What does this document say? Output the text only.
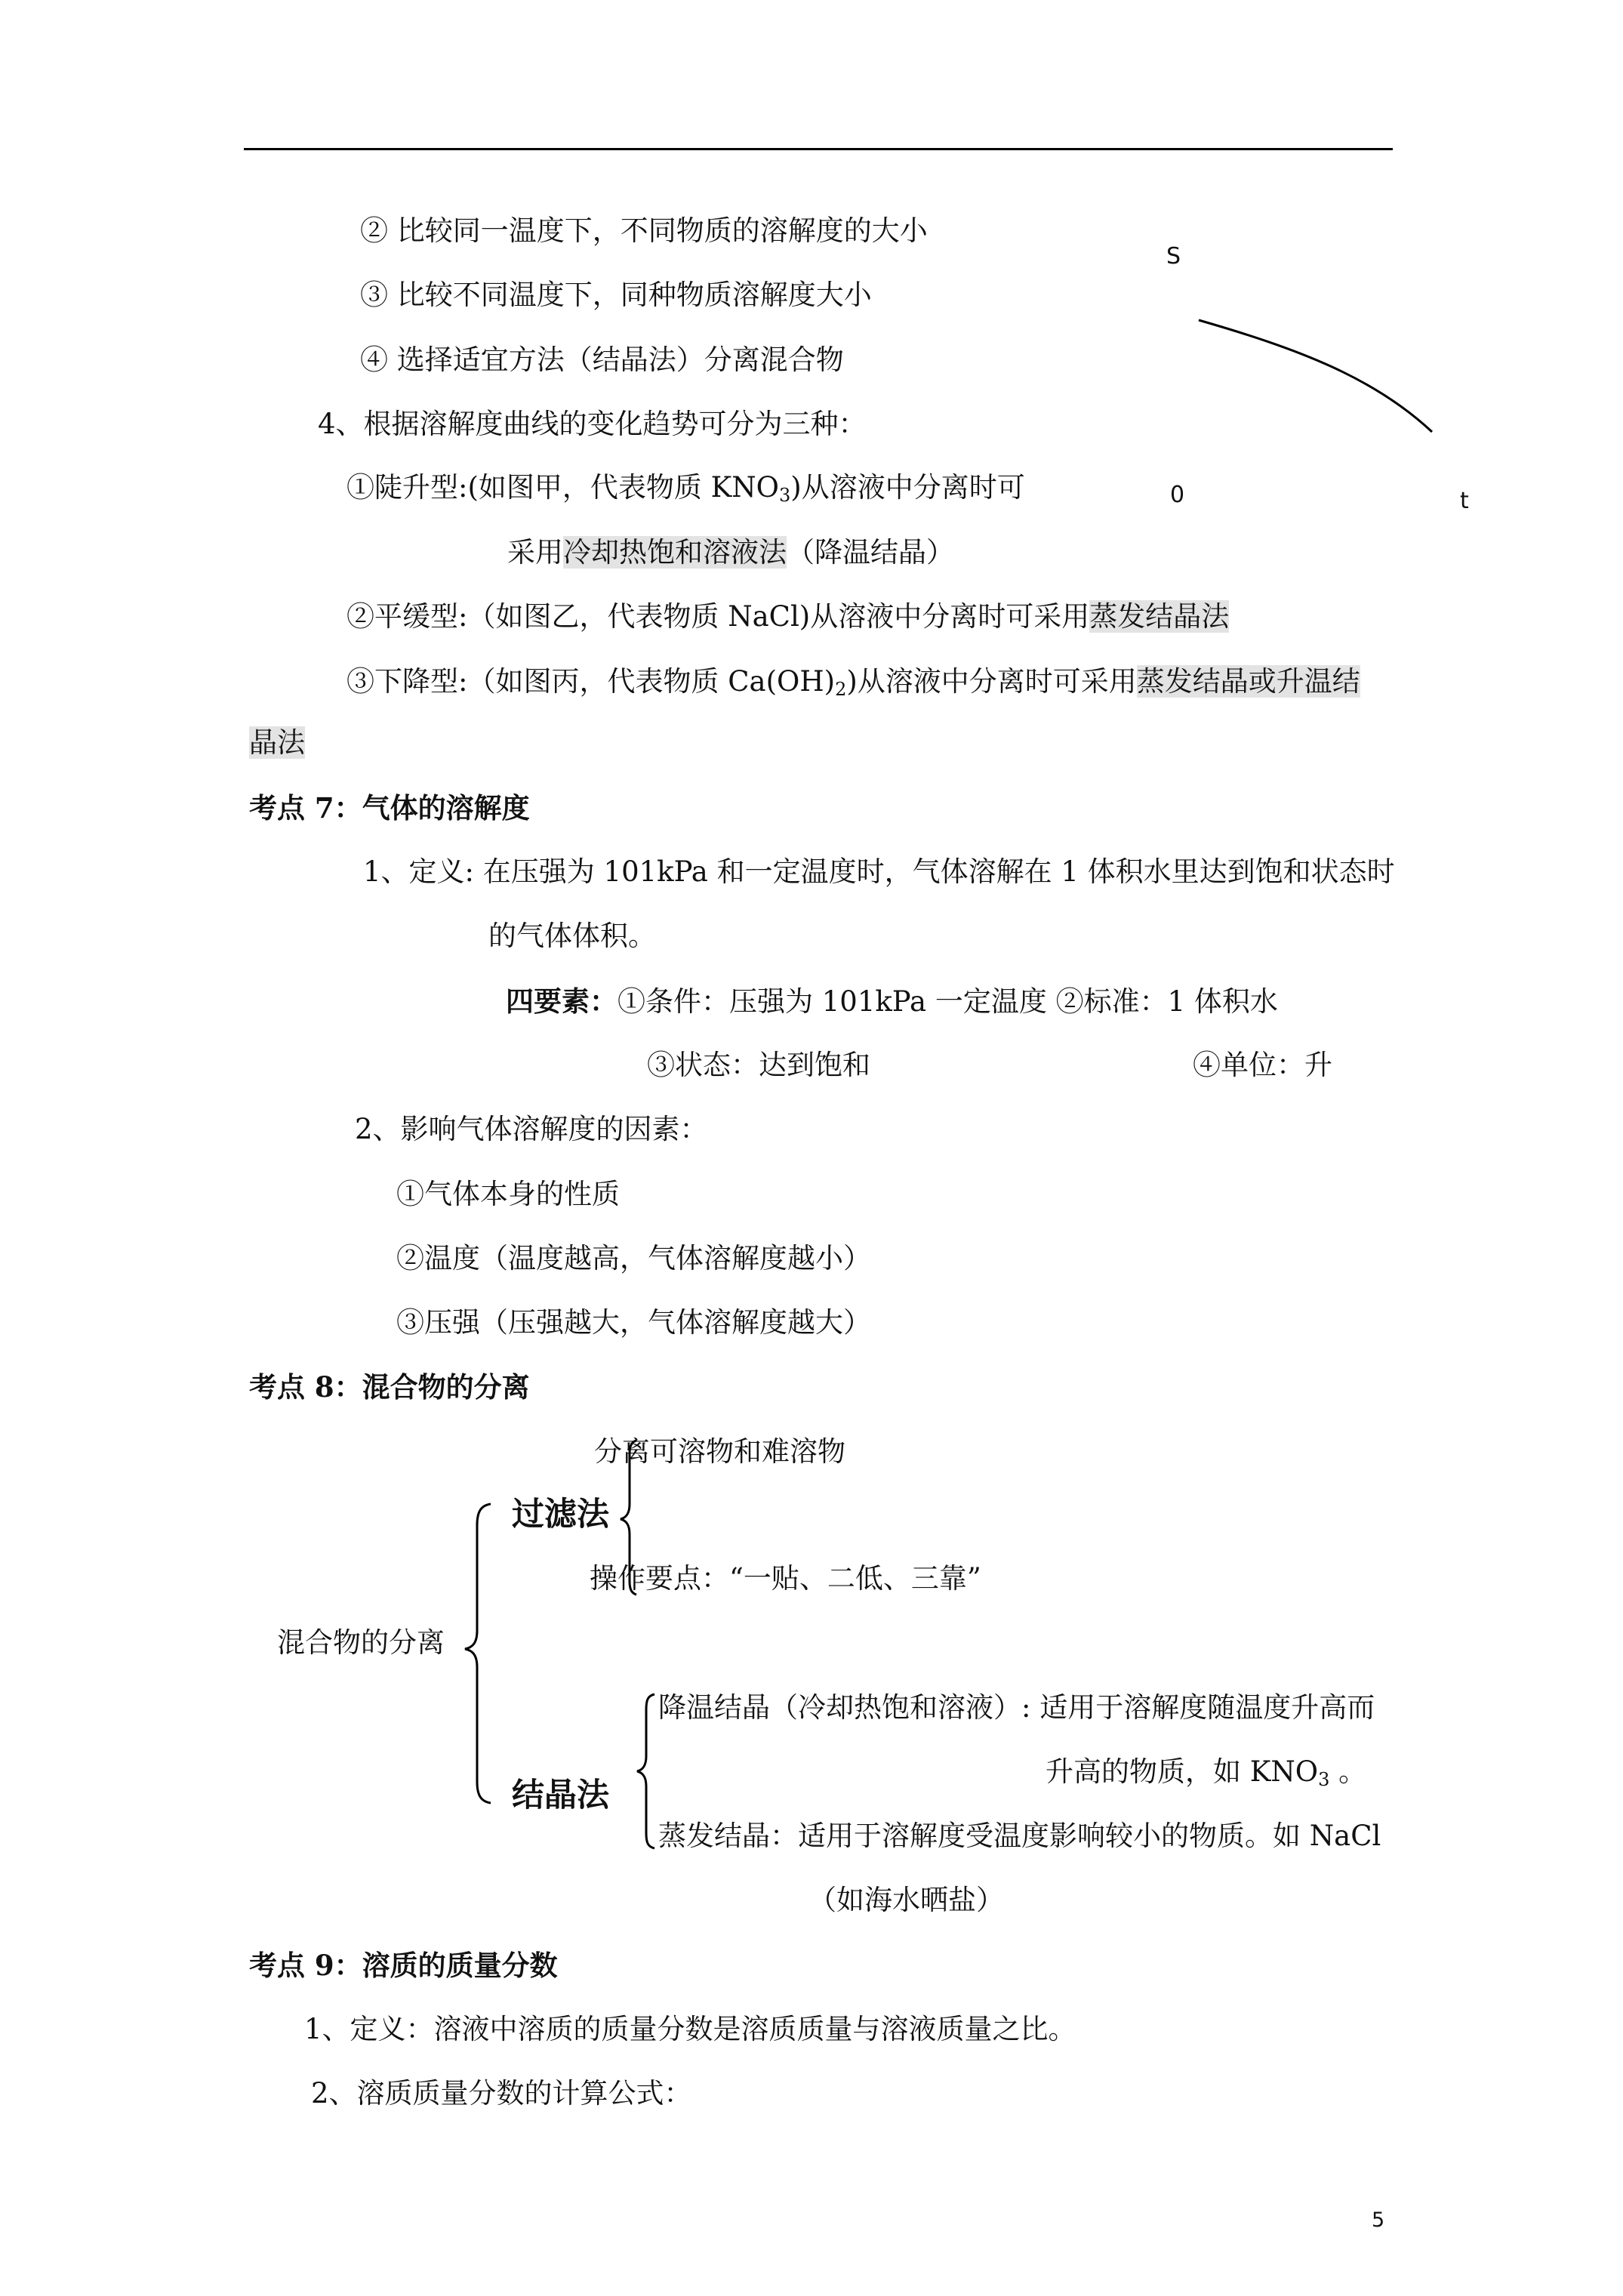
② 比较同一温度下，不同物质的溶解度的大小
③ 比较不同温度下，同种物质溶解度大小
④ 选择适宜方法（结晶法）分离混合物
S
0	t
4、根据溶解度曲线的变化趋势可分为三种：
①陡升型:(如图甲，代表物质 $KNO_3$)从溶液中分离时可
采用冷却热饱和溶液法（降温结晶）
②平缓型:（如图乙，代表物质 NaCl)从溶液中分离时可采用蒸发结晶法
③下降型:（如图丙，代表物质 $Ca(OH)_2$)从溶液中分离时可采用蒸发结晶或升温结
晶法
考点 7：气体的溶解度
1、定义: 在压强为 101kPa 和一定温度时，气体溶解在 1 体积水里达到饱和状态时
的气体体积。
四要素：①条件：压强为 101kPa 一定温度 ②标准：1 体积水
③状态：达到饱和	④单位：升
2、影响气体溶解度的因素：
①气体本身的性质
②温度（温度越高，气体溶解度越小）
③压强（压强越大，气体溶解度越大）
考点 8：混合物的分离
分离可溶物和难溶物
过滤法
操作要点：“一贴、二低、三靠”
混合物的分离
降温结晶（冷却热饱和溶液）: 适用于溶解度随温度升高而
升高的物质，如 $KNO_3$ 。
结晶法
蒸发结晶：适用于溶解度受温度影响较小的物质。如 NaCl
（如海水晒盐）
考点 9：溶质的质量分数
1、定义：溶液中溶质的质量分数是溶质质量与溶液质量之比。
2、溶质质量分数的计算公式：
5
